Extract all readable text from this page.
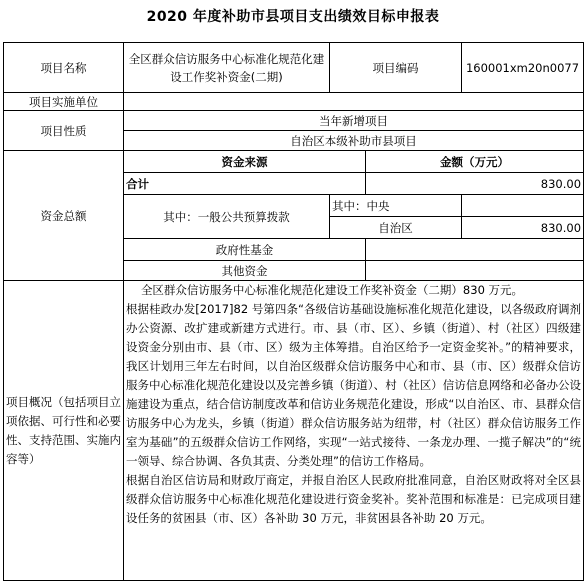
2020 年度补助市县项目支出绩效目标申报表
项目名称	全区群众信访服务中心标准化规范化建设工作奖补资金(二期)	项目编码		160001xm20n0077
项目实施单位				
项目性质	当年新增项目			
	自治区本级补助市县项目			
资金总额	资金来源		金额（万元）	
	合计		830.00	
	其中：一般公共预算拨款	其中：中央		
		自治区		830.00
	政府性基金			
	其他资金			
项目概况（包括项目立项依据、可行性和必要性、支持范围、实施内容等）	全区群众信访服务中心标准化规范化建设工作奖补资金（二期）830 万元。

根据桂政办发[2017]82 号第四条“各级信访基础设施标准化规范化建设，以各级政府调剂办公资源、改扩建或新建方式进行。市、县（市、区）、乡镇（街道）、村（社区）四级建设资金分别由市、县（市、区）级为主体筹措。自治区给予一定资金奖补。”的精神要求，我区计划用三年左右时间，以自治区级群众信访服务中心和市、县（市、区）级群众信访服务中心标准化规范化建设以及完善乡镇（街道）、村（社区）信访信息网络和必备办公设施建设为重点，结合信访制度改革和信访业务规范化建设，形成“以自治区、市、县群众信访服务中心为龙头，乡镇（街道）群众信访服务站为纽带，村（社区）群众信访服务工作室为基础”的五级群众信访工作网络，实现“一站式接待、一条龙办理、一揽子解决”的“统一领导、综合协调、各负其责、分类处理”的信访工作格局。

根据自治区信访局和财政厅商定，并报自治区人民政府批准同意，自治区财政将对全区县级群众信访服务中心标准化规范化建设进行资金奖补。奖补范围和标准是：已完成项目建设任务的贫困县（市、区）各补助 30 万元，非贫困县各补助 20 万元。			
